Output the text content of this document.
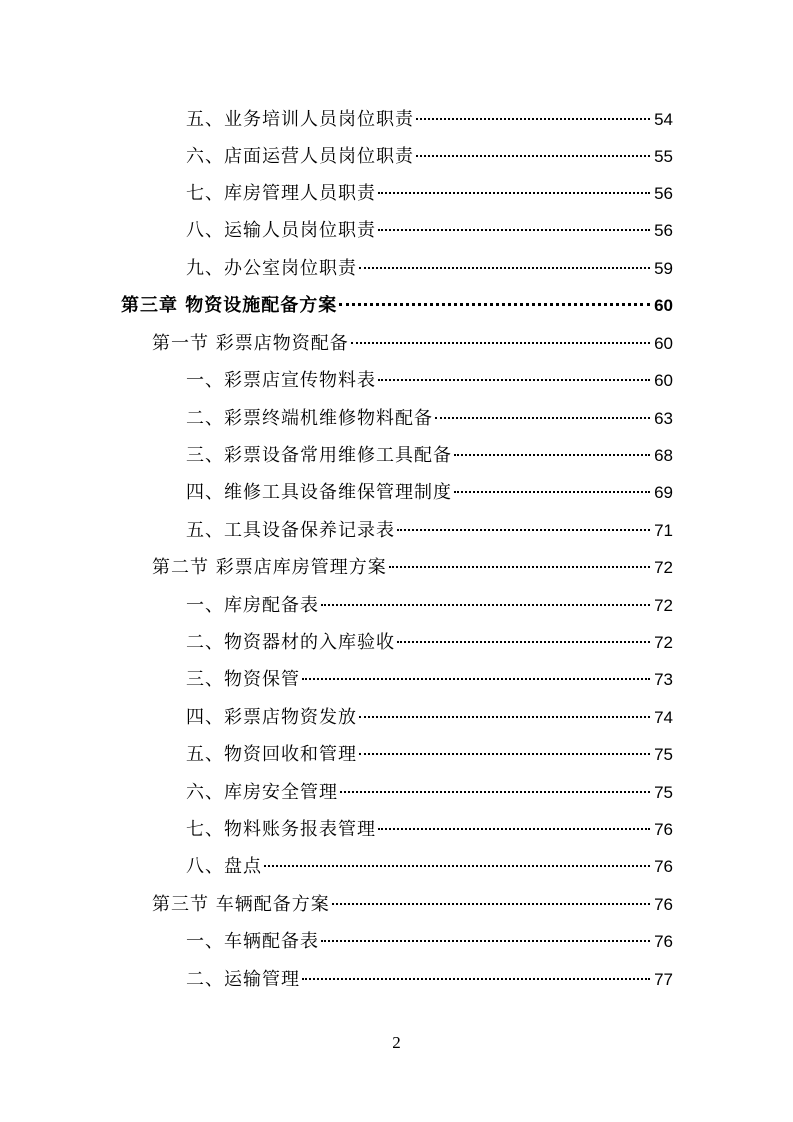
五、业务培训人员岗位职责	54
六、店面运营人员岗位职责	55
七、库房管理人员职责	56
八、运输人员岗位职责	56
九、办公室岗位职责	59
第三章 物资设施配备方案	60
第一节 彩票店物资配备	60
一、彩票店宣传物料表	60
二、彩票终端机维修物料配备	63
三、彩票设备常用维修工具配备	68
四、维修工具设备维保管理制度	69
五、工具设备保养记录表	71
第二节 彩票店库房管理方案	72
一、库房配备表	72
二、物资器材的入库验收	72
三、物资保管	73
四、彩票店物资发放	74
五、物资回收和管理	75
六、库房安全管理	75
七、物料账务报表管理	76
八、盘点	76
第三节 车辆配备方案	76
一、车辆配备表	76
二、运输管理	77
2
